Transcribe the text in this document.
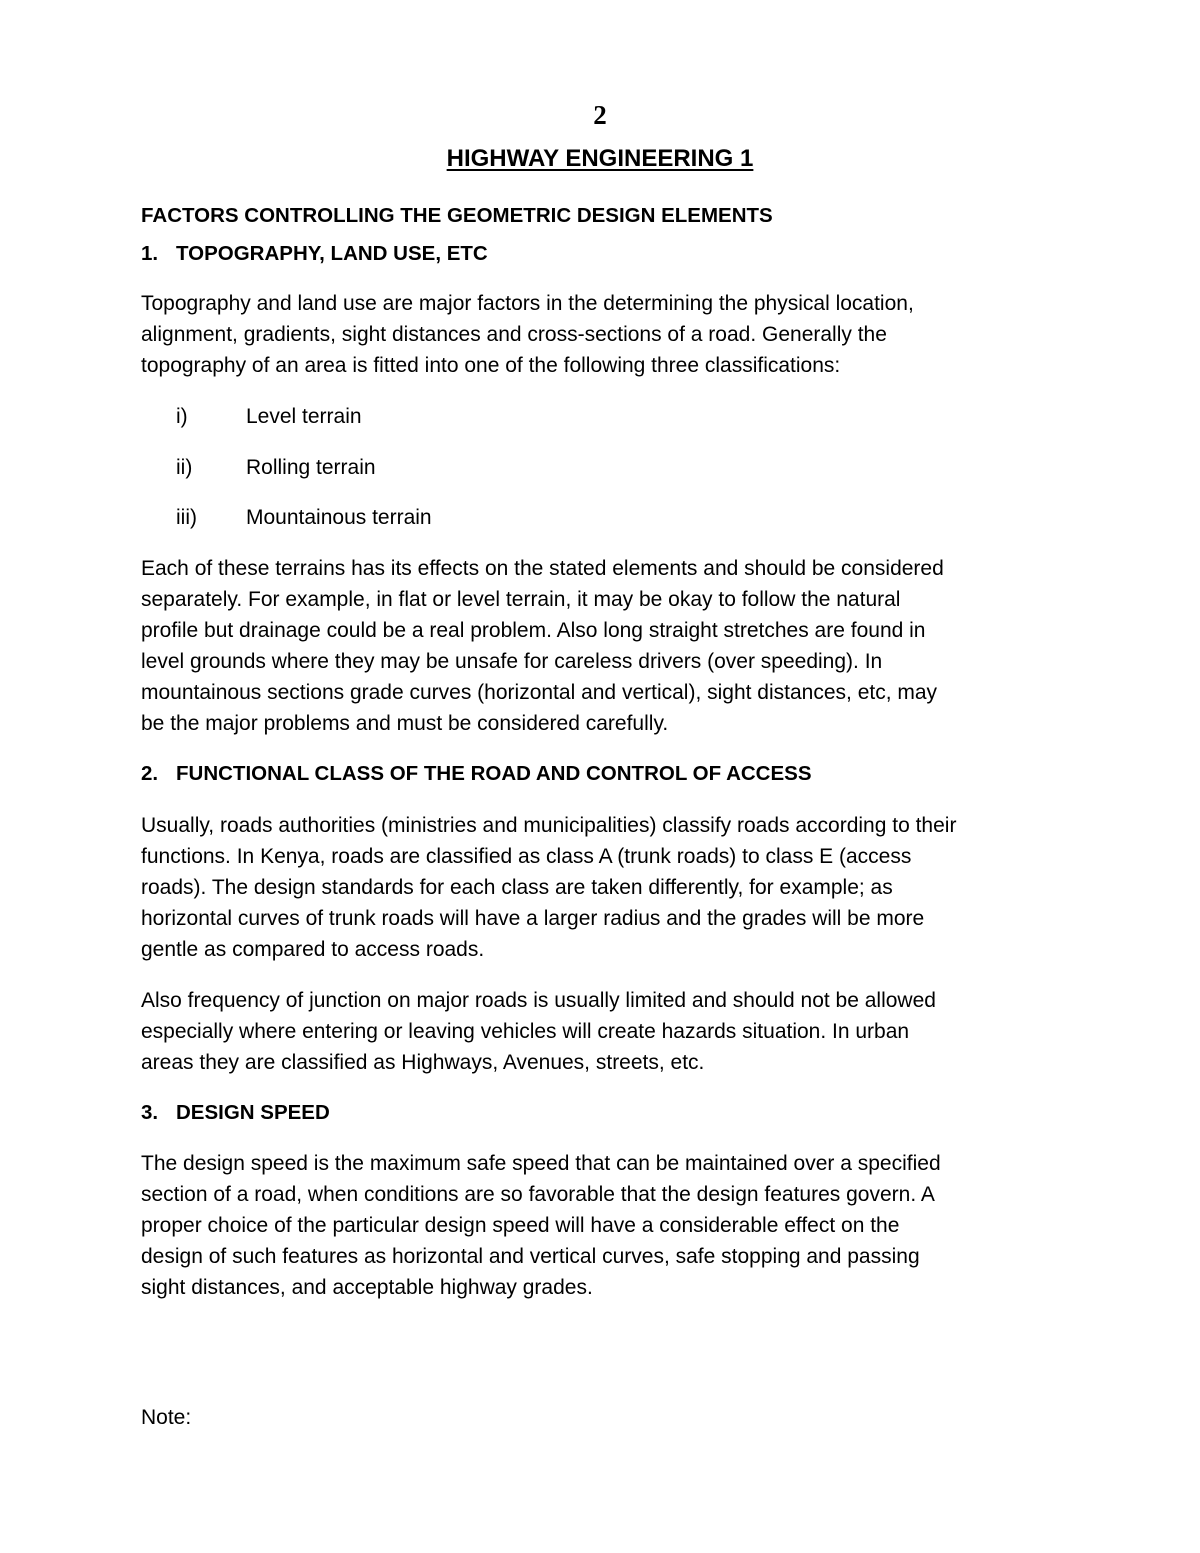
2
HIGHWAY ENGINEERING 1
FACTORS CONTROLLING THE GEOMETRIC DESIGN ELEMENTS
1. TOPOGRAPHY, LAND USE, ETC
Topography and land use are major factors in the determining the physical location,
alignment, gradients, sight distances and cross-sections of a road. Generally the
topography of an area is fitted into one of the following three classifications:
i)	Level terrain
ii)	Rolling terrain
iii) Mountainous terrain
Each of these terrains has its effects on the stated elements and should be considered
separately. For example, in flat or level terrain, it may be okay to follow the natural
profile but drainage could be a real problem. Also long straight stretches are found in
level grounds where they may be unsafe for careless drivers (over speeding). In
mountainous sections grade curves (horizontal and vertical), sight distances, etc, may
be the major problems and must be considered carefully.
2. FUNCTIONAL CLASS OF THE ROAD AND CONTROL OF ACCESS
Usually, roads authorities (ministries and municipalities) classify roads according to their
functions. In Kenya, roads are classified as class A (trunk roads) to class E (access
roads). The design standards for each class are taken differently, for example; as
horizontal curves of trunk roads will have a larger radius and the grades will be more
gentle as compared to access roads.
Also frequency of junction on major roads is usually limited and should not be allowed
especially where entering or leaving vehicles will create hazards situation. In urban
areas they are classified as Highways, Avenues, streets, etc.
3. DESIGN SPEED
The design speed is the maximum safe speed that can be maintained over a specified
section of a road, when conditions are so favorable that the design features govern. A
proper choice of the particular design speed will have a considerable effect on the
design of such features as horizontal and vertical curves, safe stopping and passing
sight distances, and acceptable highway grades.
Note:
